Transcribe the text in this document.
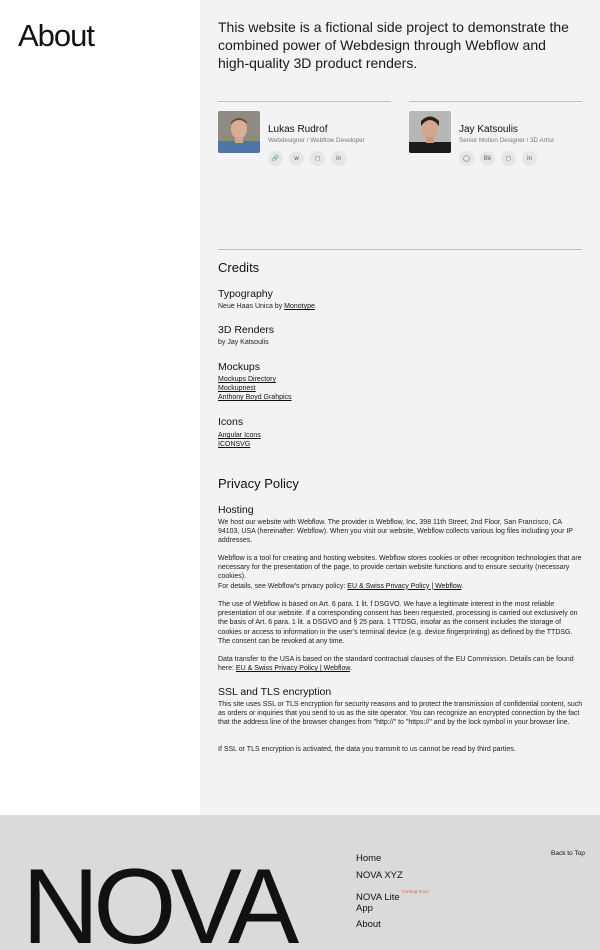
About	This website is a fictional side project to demonstrate the combined power of Webdesign through Webflow and high-quality 3D product renders.

Lukas Rudrof
Webdesigner / Webflow Developer
🔗	w	◻	in
Jay Katsoulis
Senior Motion Designer / 3D Artist
◯	Bē	◻	in
Credits
Typography
Neue Haas Unica by Monotype.
3D Renders
by Jay Katsoulis
Mockups
Mockups Directory
Mockupnest
Anthony Boyd Grahpics
Icons
Angular Icons
ICONSVG
Privacy Policy
Hosting

We host our website with Webflow. The provider is Webflow, Inc, 398 11th Street, 2nd Floor, San Francisco, CA 94103, USA (hereinafter: Webflow). When you visit our website, Webflow collects various log files including your IP addresses.

Webflow is a tool for creating and hosting websites. Webflow stores cookies or other recognition technologies that are necessary for the presentation of the page, to provide certain website functions and to ensure security (necessary cookies).
For details, see Webflow’s privacy policy: EU & Swiss Privacy Policy | Webflow.

The use of Webflow is based on Art. 6 para. 1 lit. f DSGVO. We have a legitimate interest in the most reliable presentation of our website. If a corresponding consent has been requested, processing is carried out exclusively on the basis of Art. 6 para. 1 lit. a DSGVO and § 25 para. 1 TTDSG, insofar as the consent includes the storage of cookies or access to information in the user’s terminal device (e.g. device fingerprinting) as defined by the TTDSG. The consent can be revoked at any time.

Data transfer to the USA is based on the standard contractual clauses of the EU Commission. Details can be found here: EU & Swiss Privacy Policy | Webflow.

SSL and TLS encryption

This site uses SSL or TLS encryption for security reasons and to protect the transmission of confidential content, such as orders or inquiries that you send to us as the site operator. You can recognize an encrypted connection by the fact that the address line of the browser changes from "http://" to "https://" and by the lock symbol in your browser line.

If SSL or TLS encryption is activated, the data you transmit to us cannot be read by third parties.

NOVA	Home
NOVA XYZ
NOVA Lite$^{Coming Soon}$
App
About
Back to Top
